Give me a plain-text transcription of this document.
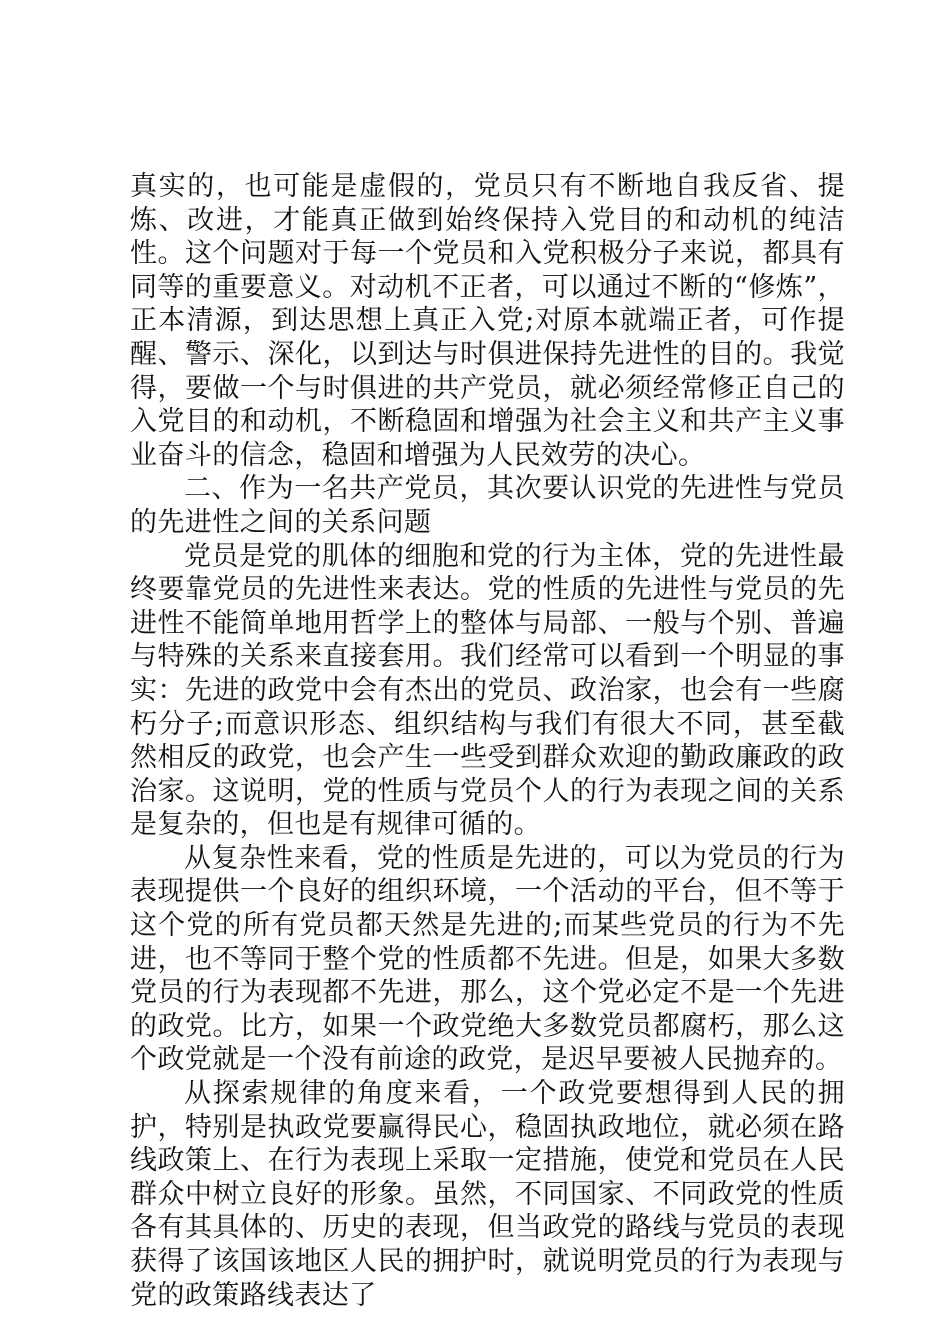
真实的，也可能是虚假的，党员只有不断地自我反省、提炼、改进，才能真正做到始终保持入党目的和动机的纯洁性。这个问题对于每一个党员和入党积极分子来说，都具有同等的重要意义。对动机不正者，可以通过不断的“修炼”，正本清源，到达思想上真正入党;对原本就端正者，可作提醒、警示、深化，以到达与时俱进保持先进性的目的。我觉得，要做一个与时俱进的共产党员，就必须经常修正自己的入党目的和动机，不断稳固和增强为社会主义和共产主义事业奋斗的信念，稳固和增强为人民效劳的决心。

二、作为一名共产党员，其次要认识党的先进性与党员的先进性之间的关系问题

党员是党的肌体的细胞和党的行为主体，党的先进性最终要靠党员的先进性来表达。党的性质的先进性与党员的先进性不能简单地用哲学上的整体与局部、一般与个别、普遍与特殊的关系来直接套用。我们经常可以看到一个明显的事实：先进的政党中会有杰出的党员、政治家，也会有一些腐朽分子;而意识形态、组织结构与我们有很大不同，甚至截然相反的政党，也会产生一些受到群众欢迎的勤政廉政的政治家。这说明，党的性质与党员个人的行为表现之间的关系是复杂的，但也是有规律可循的。

从复杂性来看，党的性质是先进的，可以为党员的行为表现提供一个良好的组织环境，一个活动的平台，但不等于这个党的所有党员都天然是先进的;而某些党员的行为不先进，也不等同于整个党的性质都不先进。但是，如果大多数党员的行为表现都不先进，那么，这个党必定不是一个先进的政党。比方，如果一个政党绝大多数党员都腐朽，那么这个政党就是一个没有前途的政党，是迟早要被人民抛弃的。

从探索规律的角度来看，一个政党要想得到人民的拥护，特别是执政党要赢得民心，稳固执政地位，就必须在路线政策上、在行为表现上采取一定措施，使党和党员在人民群众中树立良好的形象。虽然，不同国家、不同政党的性质各有其具体的、历史的表现，但当政党的路线与党员的表现获得了该国该地区人民的拥护时，就说明党员的行为表现与党的政策路线表达了
